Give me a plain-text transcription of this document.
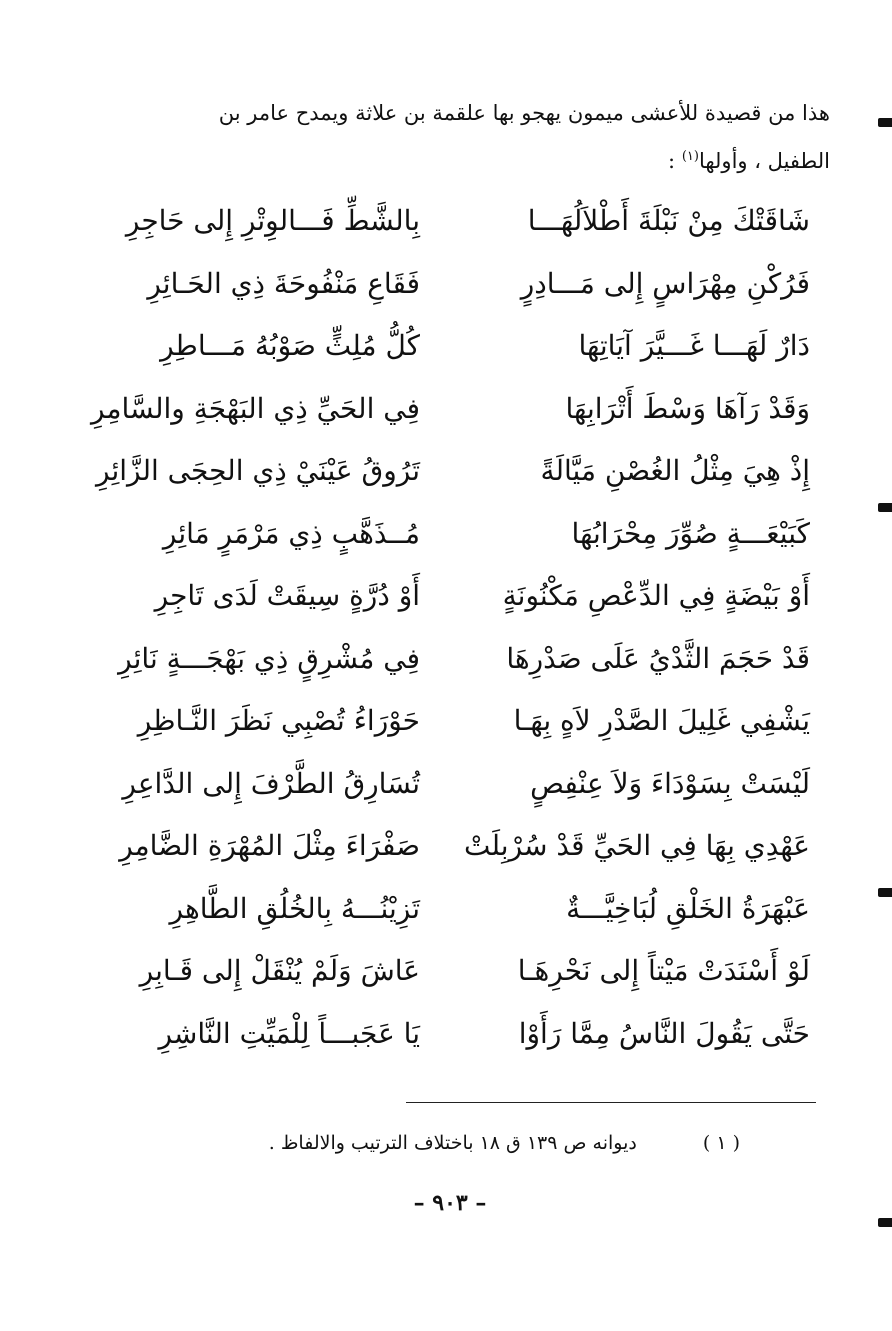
هذا من قصيدة للأعشى ميمون يهجو بها علقمة بن علاثة ويمدح عامر بن
الطفيل ، وأولها$^{(١)}$ :
شَاقَتْكَ مِنْ نَبْلَةَ أَطْلاَلُهَـــا
بِالشَّطِّ فَـــالوِتْرِ إِلى حَاجِرِ
فَرُكْنِ مِهْرَاسٍ إِلى مَـــادِرٍ
فَقَاعِ مَنْفُوحَةَ ذِي الحَـائِرِ
دَارٌ لَهَـــا غَـــيَّرَ آيَاتِهَا
كُلُّ مُلِثٍّ صَوْبُهُ مَـــاطِرِ
وَقَدْ رَآهَا وَسْطَ أَتْرَابِهَا
فِي الحَيِّ ذِي البَهْجَةِ والسَّامِرِ
إِذْ هِيَ مِثْلُ الغُصْنِ مَيَّالَةً
تَرُوقُ عَيْنَيْ ذِي الحِجَى الزَّائِرِ
كَبَيْعَـــةٍ صُوِّرَ مِحْرَابُهَا
مُــذَهَّبٍ ذِي مَرْمَرٍ مَائِرِ
أَوْ بَيْضَةٍ فِي الدِّعْصِ مَكْنُونَةٍ
أَوْ دُرَّةٍ سِيقَتْ لَدَى تَاجِرِ
قَدْ حَجَمَ الثَّدْيُ عَلَى صَدْرِهَا
فِي مُشْرِقٍ ذِي بَهْجَـــةٍ نَائِرِ
يَشْفِي غَلِيلَ الصَّدْرِ لاَهٍ بِهَـا
حَوْرَاءُ تُصْبِي نَظَرَ النَّـاظِرِ
لَيْسَتْ بِسَوْدَاءَ وَلاَ عِنْفِصٍ
تُسَارِقُ الطَّرْفَ إِلى الدَّاعِرِ
عَهْدِي بِهَا فِي الحَيِّ قَدْ سُرْبِلَتْ
صَفْرَاءَ مِثْلَ المُهْرَةِ الضَّامِرِ
عَبْهَرَةُ الخَلْقِ لُبَاخِيَّـــةٌ
تَزِيْنُـــهُ بِالخُلُقِ الطَّاهِرِ
لَوْ أَسْنَدَتْ مَيْتاً إِلى نَحْرِهَـا
عَاشَ وَلَمْ يُنْقَلْ إِلى قَـابِرِ
حَتَّى يَقُولَ النَّاسُ مِمَّا رَأَوْا
يَا عَجَبـــاً لِلْمَيِّتِ النَّاشِرِ
( ١ ) ديوانه ص ١٣٩ ق ١٨ باختلاف الترتيب والالفاظ .
– ٩٠٣ –
